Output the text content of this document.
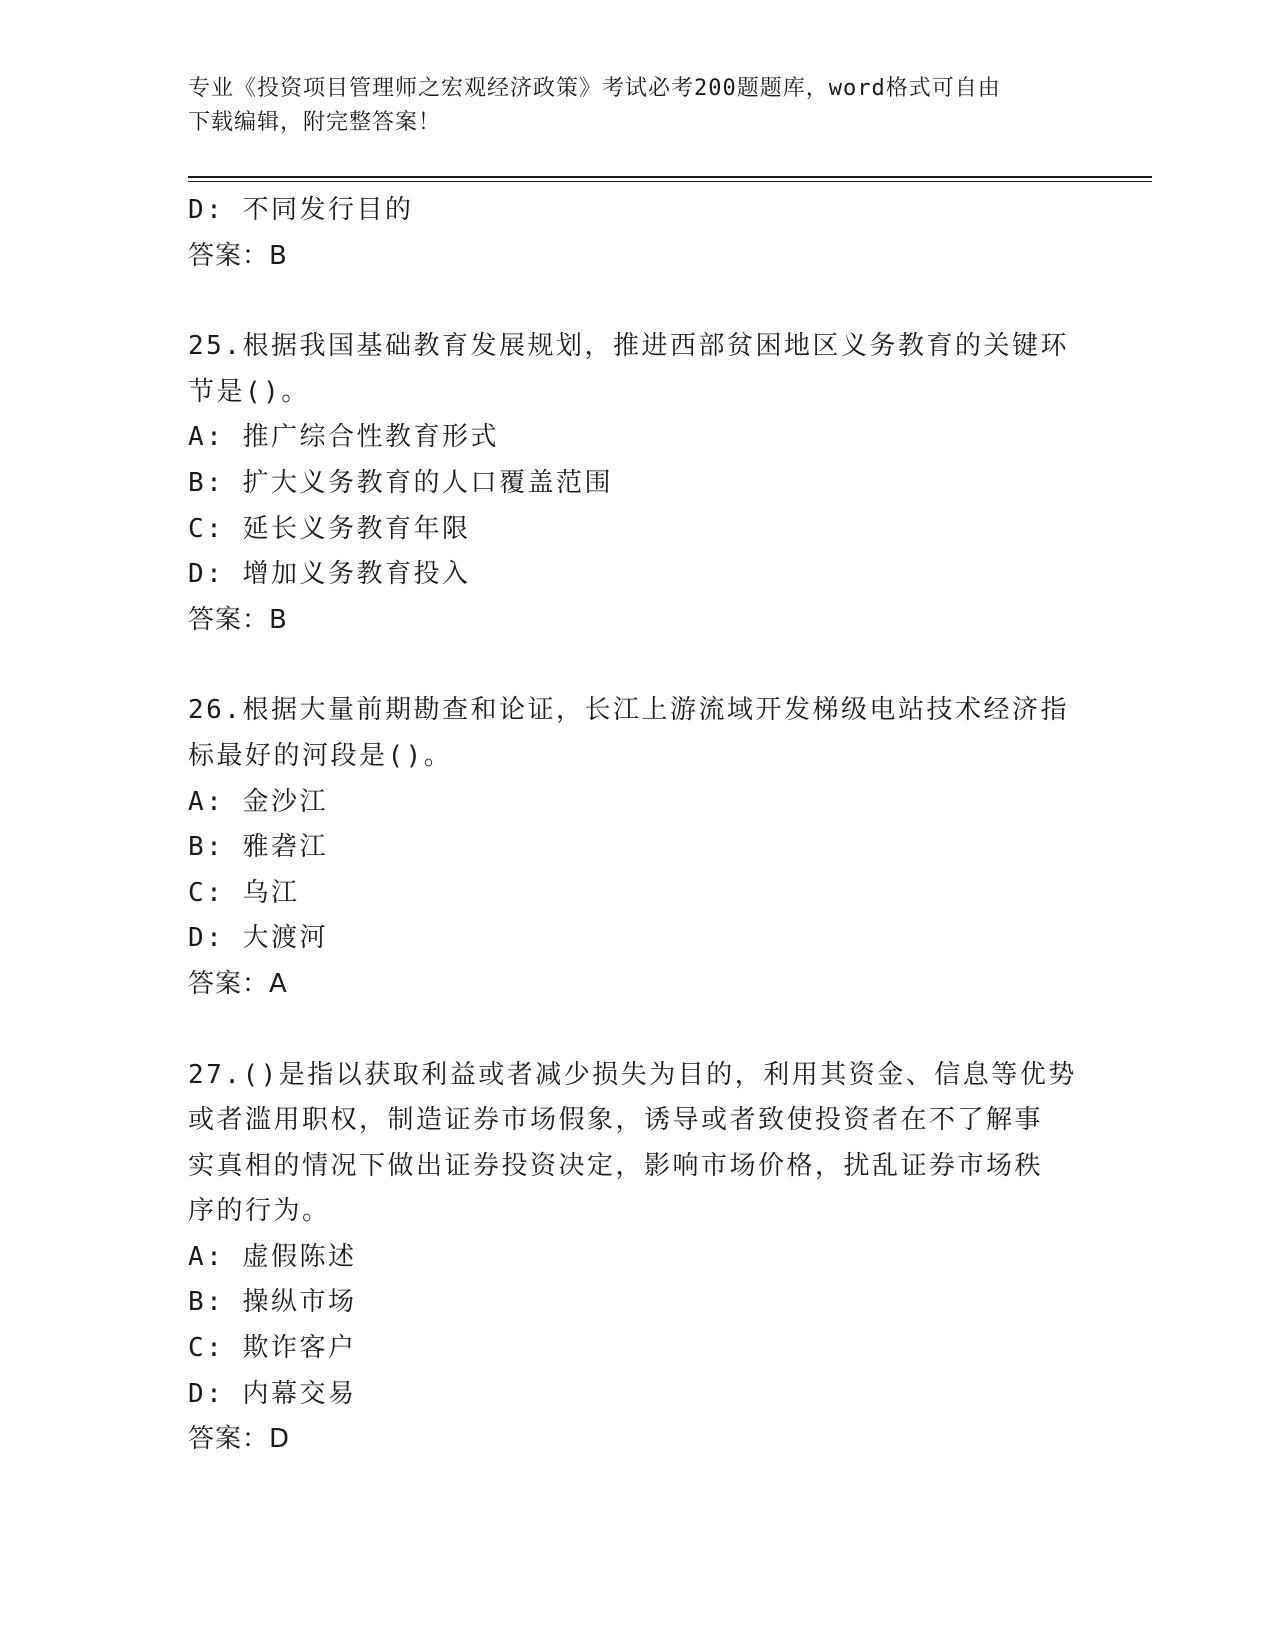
专业《投资项目管理师之宏观经济政策》考试必考200题题库，word格式可自由
下载编辑，附完整答案！
D: 不同发行目的
答案：B
25.根据我国基础教育发展规划，推进西部贫困地区义务教育的关键环
节是()。
A: 推广综合性教育形式
B: 扩大义务教育的人口覆盖范围
C: 延长义务教育年限
D: 增加义务教育投入
答案：B
26.根据大量前期勘查和论证，长江上游流域开发梯级电站技术经济指
标最好的河段是()。
A: 金沙江
B: 雅砻江
C: 乌江
D: 大渡河
答案：A
27.()是指以获取利益或者减少损失为目的，利用其资金、信息等优势
或者滥用职权，制造证券市场假象，诱导或者致使投资者在不了解事
实真相的情况下做出证券投资决定，影响市场价格，扰乱证券市场秩
序的行为。
A: 虚假陈述
B: 操纵市场
C: 欺诈客户
D: 内幕交易
答案：D
